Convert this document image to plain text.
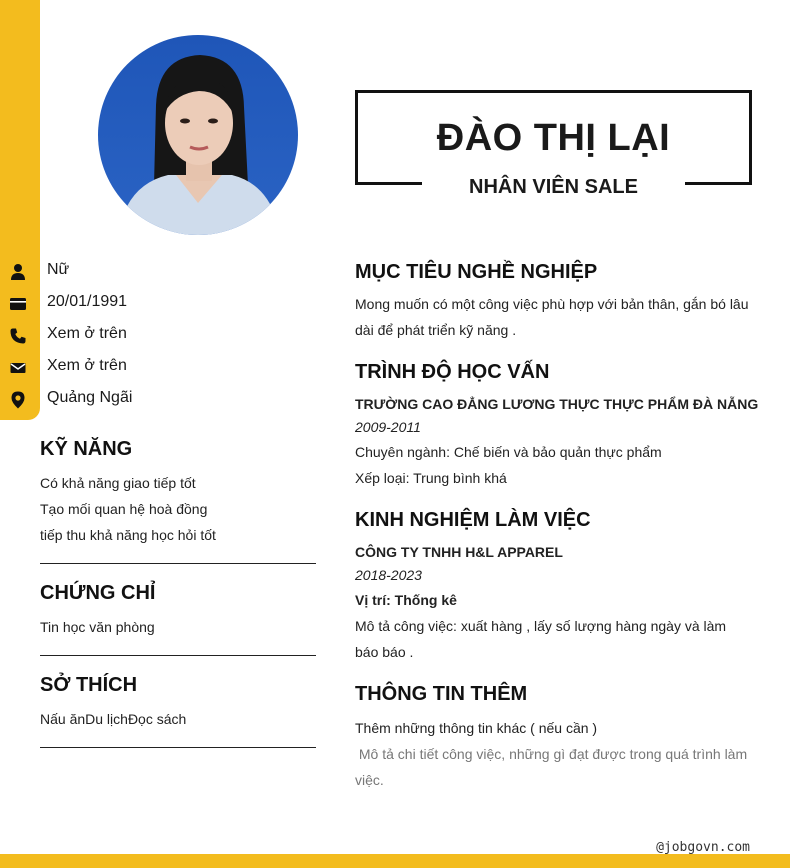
ĐÀO THỊ LẠI
NHÂN VIÊN SALE
Nữ
20/01/1991
Xem ở trên
Xem ở trên
Quảng Ngãi
KỸ NĂNG
Có khả năng giao tiếp tốt
Tạo mối quan hệ hoà đồng
tiếp thu khả năng học hỏi tốt
CHỨNG CHỈ
Tin học văn phòng
SỞ THÍCH
Nấu ănDu lịchĐọc sách
MỤC TIÊU NGHỀ NGHIỆP
Mong muốn có một công việc phù hợp với bản thân, gắn bó lâu dài để phát triển kỹ năng .
TRÌNH ĐỘ HỌC VẤN
TRƯỜNG CAO ĐẲNG LƯƠNG THỰC THỰC PHẨM ĐÀ NẴNG
2009-2011
Chuyên ngành: Chế biến và bảo quản thực phẩm
Xếp loại: Trung bình khá
KINH NGHIỆM LÀM VIỆC
CÔNG TY TNHH H&L APPAREL
2018-2023
Vị trí: Thống kê
Mô tả công việc: xuất hàng , lấy số lượng hàng ngày và làm báo báo .
THÔNG TIN THÊM
Thêm những thông tin khác ( nếu cần )
Mô tả chi tiết công việc, những gì đạt được trong quá trình làm việc.
@jobgovn.com
